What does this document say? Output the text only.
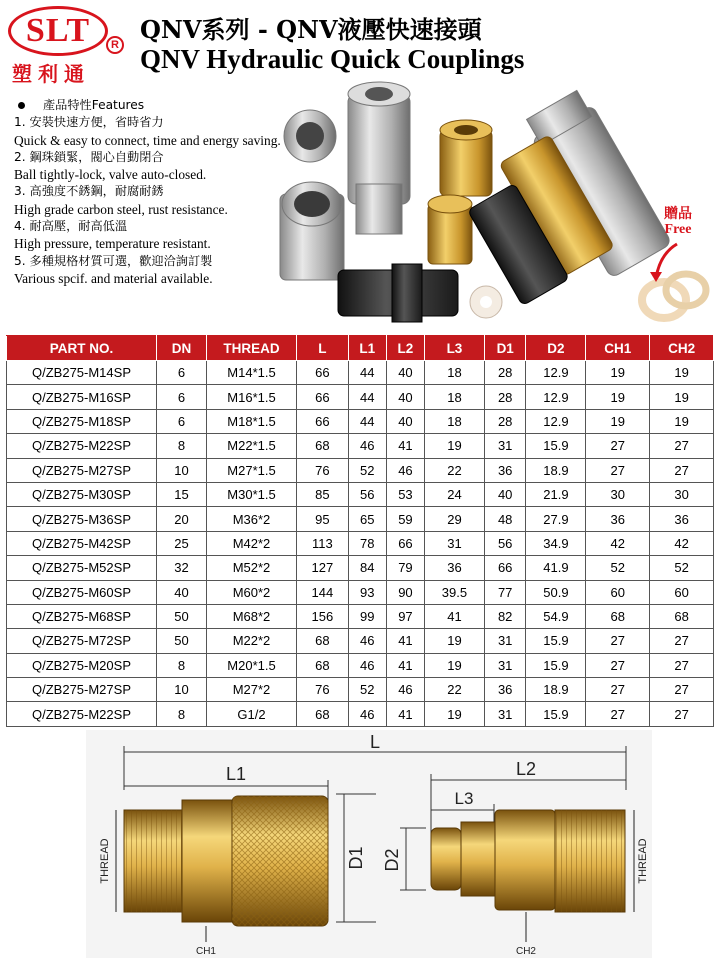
SLT	R
塑利通
QNV系列 - QNV液壓快速接頭
QNV Hydraulic Quick Couplings
產品特性Features
1. 安裝快速方便，省時省力
Quick & easy to connect, time and energy saving.
2. 鋼珠鎖緊，閥心自動閉合
Ball tightly-lock, valve auto-closed.
3. 高強度不銹鋼，耐腐耐銹
High grade carbon steel, rust resistance.
4. 耐高壓，耐高低溫
High pressure, temperature resistant.
5. 多種規格材質可選，歡迎洽詢訂製
Various spcif. and material available.
贈品
Free
PART NO.	DN	THREAD	L	L1	L2	L3	D1	D2	CH1	CH2
Q/ZB275-M14SP	6	M14*1.5	66	44	40	18	28	12.9	19	19
Q/ZB275-M16SP	6	M16*1.5	66	44	40	18	28	12.9	19	19
Q/ZB275-M18SP	6	M18*1.5	66	44	40	18	28	12.9	19	19
Q/ZB275-M22SP	8	M22*1.5	68	46	41	19	31	15.9	27	27
Q/ZB275-M27SP	10	M27*1.5	76	52	46	22	36	18.9	27	27
Q/ZB275-M30SP	15	M30*1.5	85	56	53	24	40	21.9	30	30
Q/ZB275-M36SP	20	M36*2	95	65	59	29	48	27.9	36	36
Q/ZB275-M42SP	25	M42*2	113	78	66	31	56	34.9	42	42
Q/ZB275-M52SP	32	M52*2	127	84	79	36	66	41.9	52	52
Q/ZB275-M60SP	40	M60*2	144	93	90	39.5	77	50.9	60	60
Q/ZB275-M68SP	50	M68*2	156	99	97	41	82	54.9	68	68
Q/ZB275-M72SP	50	M22*2	68	46	41	19	31	15.9	27	27
Q/ZB275-M20SP	8	M20*1.5	68	46	41	19	31	15.9	27	27
Q/ZB275-M27SP	10	M27*2	76	52	46	22	36	18.9	27	27
Q/ZB275-M22SP	8	G1/2	68	46	41	19	31	15.9	27	27
L
L1	L2
L3
D1 D2
THREAD	THREAD
CH1	CH2
